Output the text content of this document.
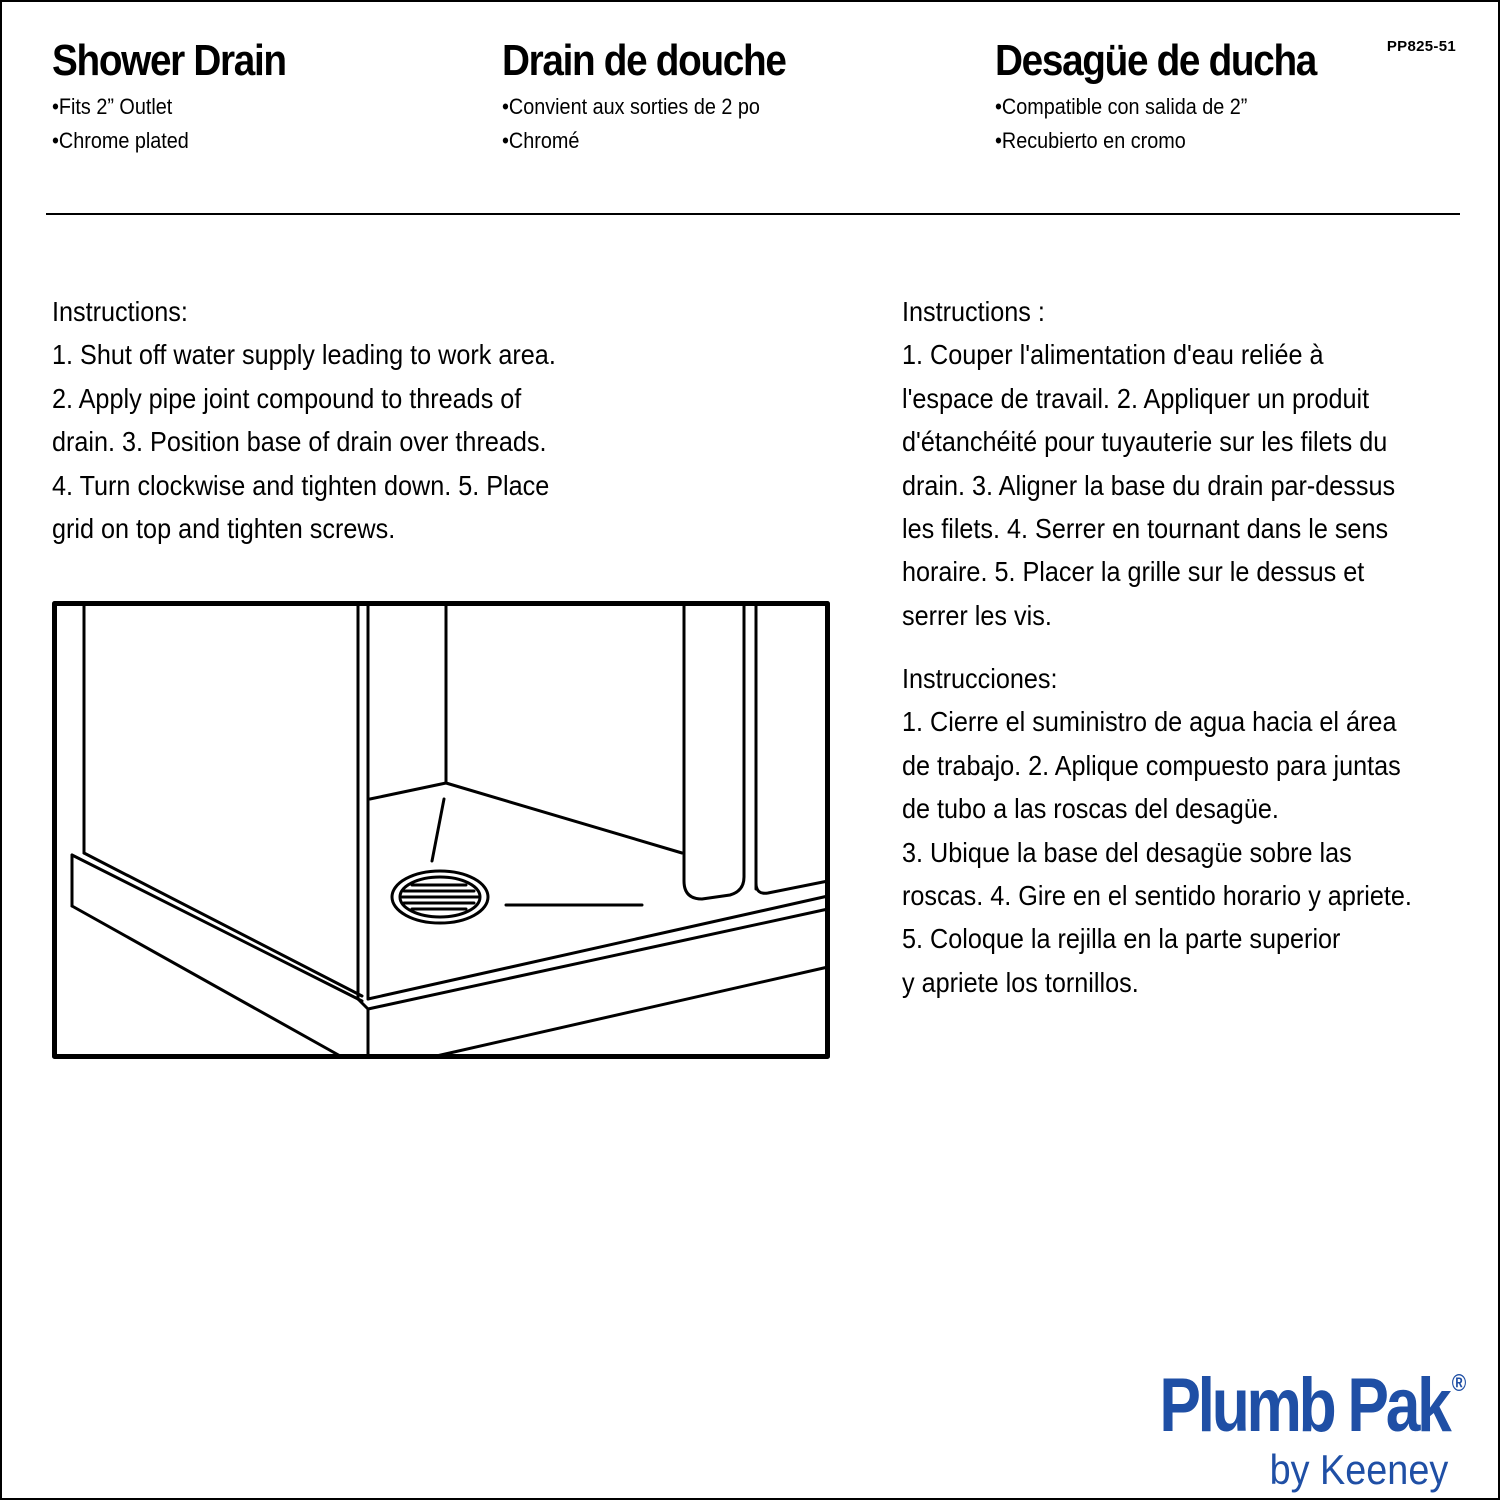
Shower Drain
• Fits 2” Outlet
• Chrome plated
Drain de douche
• Convient aux sorties de 2 po
• Chromé
Desagüe de ducha
• Compatible con salida de 2”
• Recubierto en cromo
PP825-51

Instructions:

1. Shut off water supply leading to work area.

2. Apply pipe joint compound to threads of

drain. 3. Position base of drain over threads.

4. Turn clockwise and tighten down. 5. Place

grid on top and tighten screws.

Instructions :

1. Couper l'alimentation d'eau reliée à

l'espace de travail. 2. Appliquer un produit

d'étanchéité pour tuyauterie sur les filets du

drain. 3. Aligner la base du drain par-dessus

les filets. 4. Serrer en tournant dans le sens

horaire. 5. Placer la grille sur le dessus et

serrer les vis.

Instrucciones:

1. Cierre el suministro de agua hacia el área

de trabajo. 2. Aplique compuesto para juntas

de tubo a las roscas del desagüe.

3. Ubique la base del desagüe sobre las

roscas. 4. Gire en el sentido horario y apriete.

5. Coloque la rejilla en la parte superior

y apriete los tornillos.

Plumb Pak ®
by Keeney
